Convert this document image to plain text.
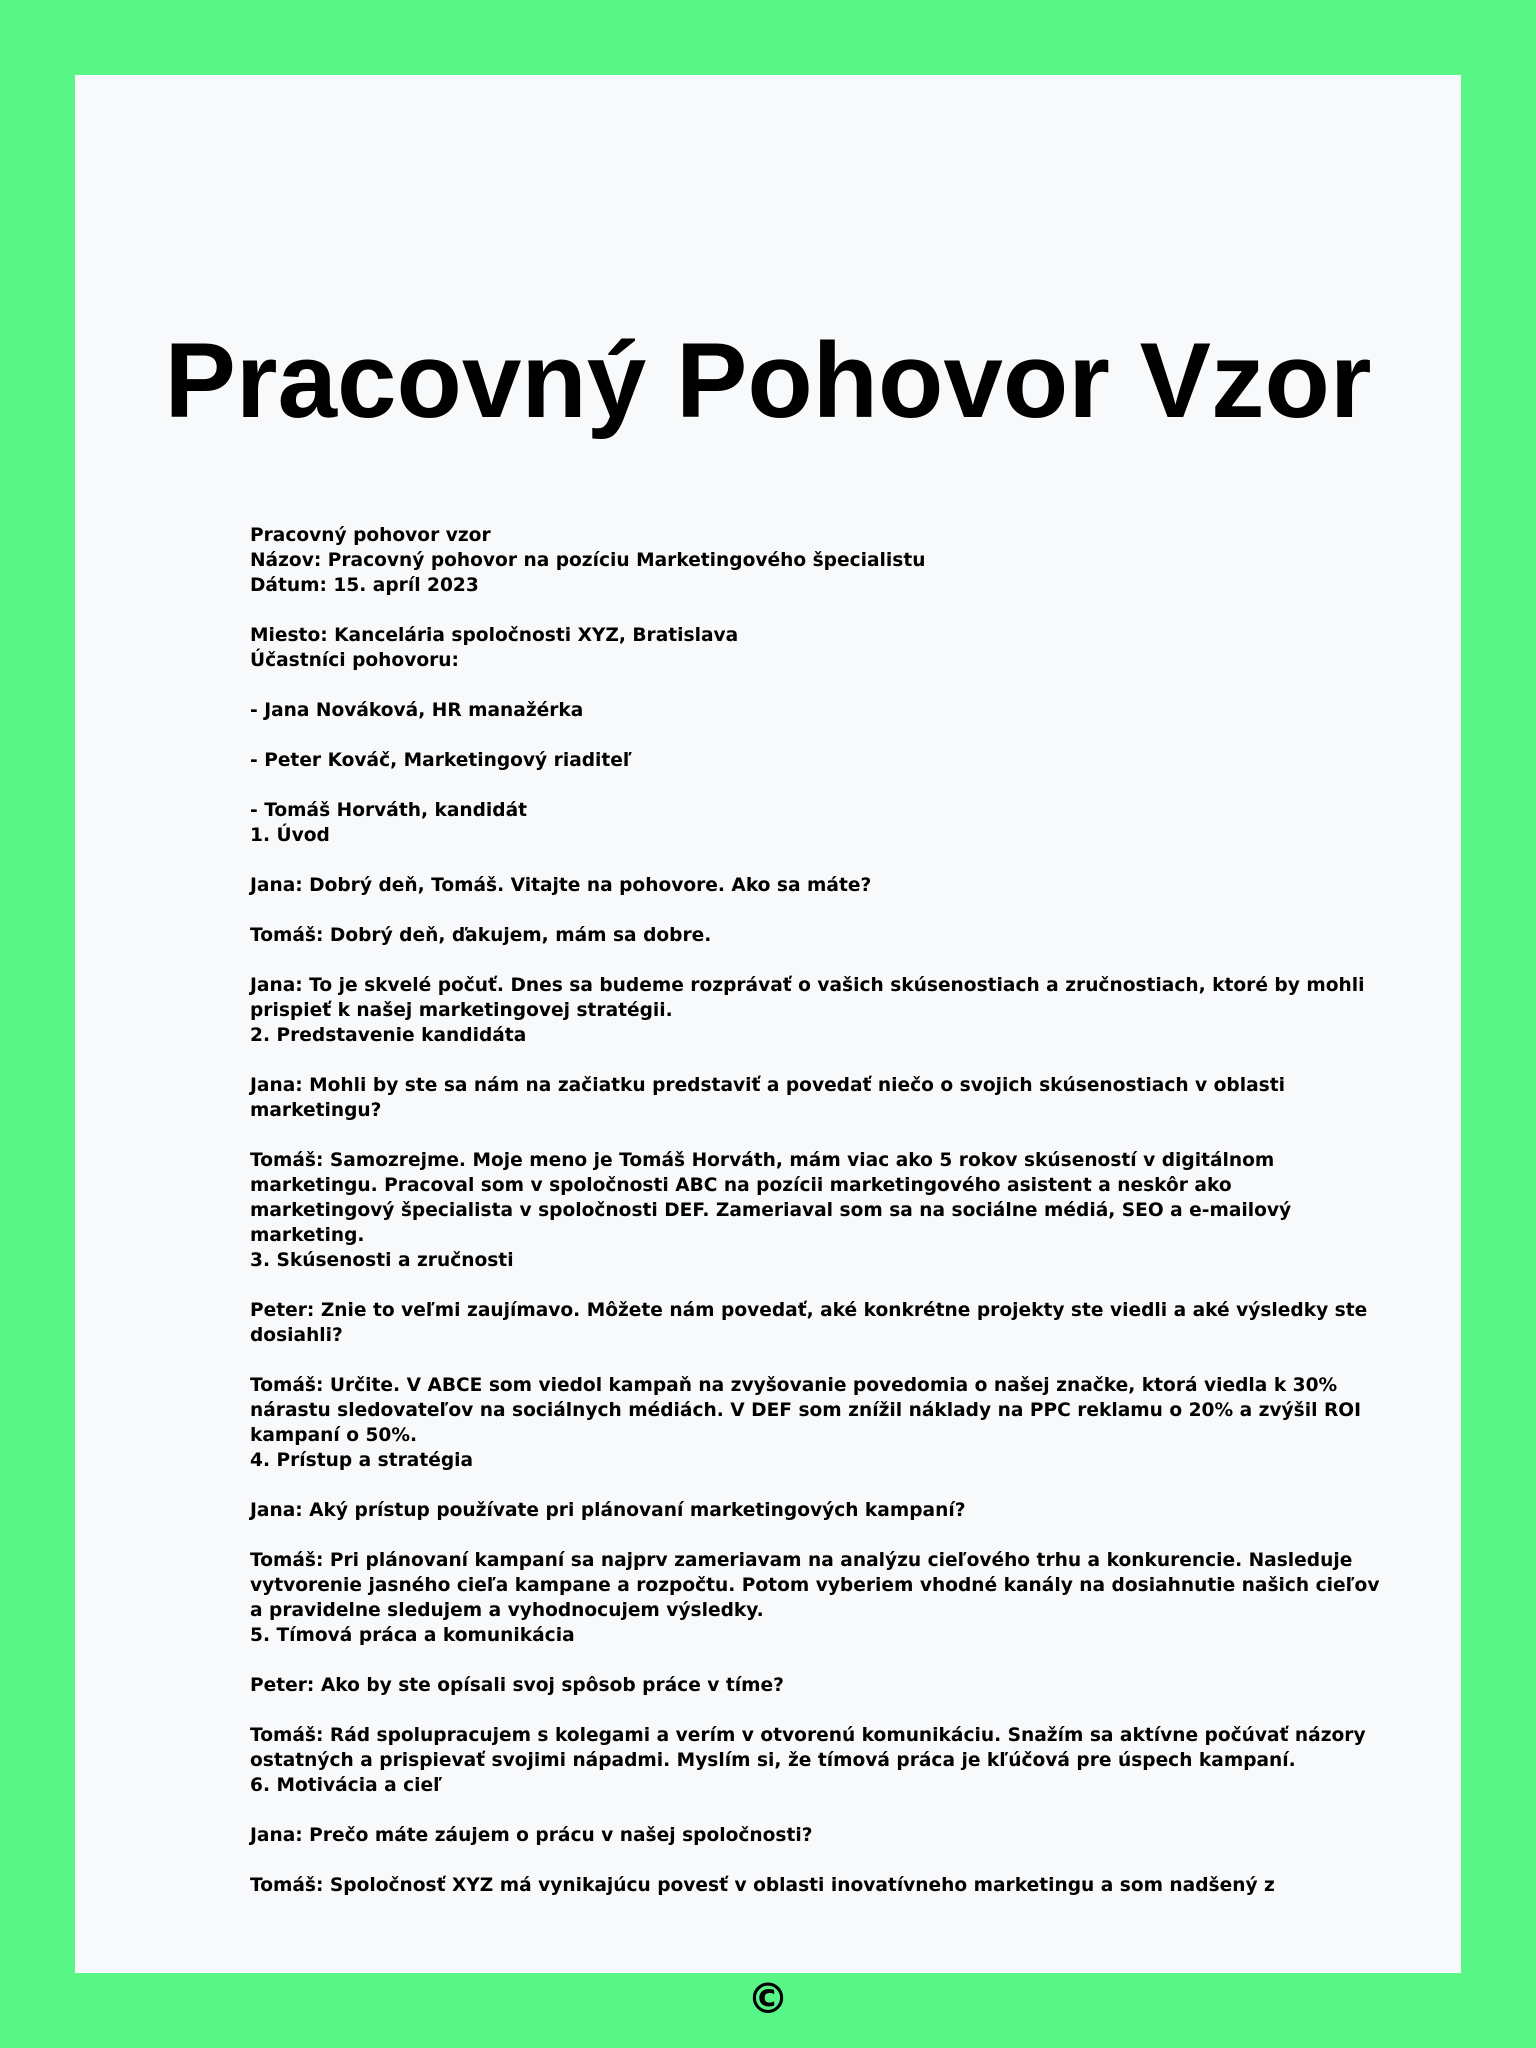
Pracovný Pohovor Vzor
Pracovný pohovor vzor
Názov: Pracovný pohovor na pozíciu Marketingového špecialistu
Dátum: 15. apríl 2023
Miesto: Kancelária spoločnosti XYZ, Bratislava
Účastníci pohovoru:
- Jana Nováková, HR manažérka
- Peter Kováč, Marketingový riaditeľ
- Tomáš Horváth, kandidát
1. Úvod
Jana: Dobrý deň, Tomáš. Vitajte na pohovore. Ako sa máte?
Tomáš: Dobrý deň, ďakujem, mám sa dobre.
Jana: To je skvelé počuť. Dnes sa budeme rozprávať o vašich skúsenostiach a zručnostiach, ktoré by mohli
prispieť k našej marketingovej stratégii.
2. Predstavenie kandidáta
Jana: Mohli by ste sa nám na začiatku predstaviť a povedať niečo o svojich skúsenostiach v oblasti
marketingu?
Tomáš: Samozrejme. Moje meno je Tomáš Horváth, mám viac ako 5 rokov skúseností v digitálnom
marketingu. Pracoval som v spoločnosti ABC na pozícii marketingového asistent a neskôr ako
marketingový špecialista v spoločnosti DEF. Zameriaval som sa na sociálne médiá, SEO a e-mailový
marketing.
3. Skúsenosti a zručnosti
Peter: Znie to veľmi zaujímavo. Môžete nám povedať, aké konkrétne projekty ste viedli a aké výsledky ste
dosiahli?
Tomáš: Určite. V ABCE som viedol kampaň na zvyšovanie povedomia o našej značke, ktorá viedla k 30%
nárastu sledovateľov na sociálnych médiách. V DEF som znížil náklady na PPC reklamu o 20% a zvýšil ROI
kampaní o 50%.
4. Prístup a stratégia
Jana: Aký prístup používate pri plánovaní marketingových kampaní?
Tomáš: Pri plánovaní kampaní sa najprv zameriavam na analýzu cieľového trhu a konkurencie. Nasleduje
vytvorenie jasného cieľa kampane a rozpočtu. Potom vyberiem vhodné kanály na dosiahnutie našich cieľov
a pravidelne sledujem a vyhodnocujem výsledky.
5. Tímová práca a komunikácia
Peter: Ako by ste opísali svoj spôsob práce v tíme?
Tomáš: Rád spolupracujem s kolegami a verím v otvorenú komunikáciu. Snažím sa aktívne počúvať názory
ostatných a prispievať svojimi nápadmi. Myslím si, že tímová práca je kľúčová pre úspech kampaní.
6. Motivácia a cieľ
Jana: Prečo máte záujem o prácu v našej spoločnosti?
Tomáš: Spoločnosť XYZ má vynikajúcu povesť v oblasti inovatívneho marketingu a som nadšený z
©
